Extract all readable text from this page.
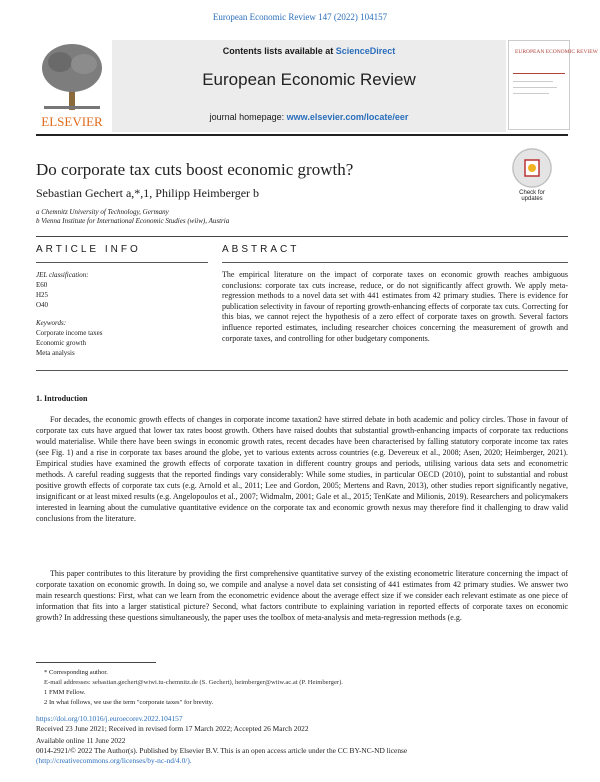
European Economic Review 147 (2022) 104157
ELSEVIER
Contents lists available at ScienceDirect
European Economic Review
journal homepage: www.elsevier.com/locate/eer
EUROPEAN ECONOMIC REVIEW
Do corporate tax cuts boost economic growth?
Check for updates
Sebastian Gechert a,*,1, Philipp Heimberger b
a Chemnitz University of Technology, Germany
b Vienna Institute for International Economic Studies (wiiw), Austria
ARTICLE INFO	ABSTRACT
JEL classification:
E60
H25
O40
Keywords:
Corporate income taxes
Economic growth
Meta analysis
The empirical literature on the impact of corporate taxes on economic growth reaches ambiguous conclusions: corporate tax cuts increase, reduce, or do not significantly affect growth. We apply meta-regression methods to a novel data set with 441 estimates from 42 primary studies. There is evidence for publication selectivity in favour of reporting growth-enhancing effects of corporate tax cuts. Correcting for this bias, we cannot reject the hypothesis of a zero effect of corporate taxes on growth. Several factors influence reported estimates, including researcher choices concerning the measurement of growth and corporate taxes, and controlling for other budgetary components.
1. Introduction
For decades, the economic growth effects of changes in corporate income taxation2 have stirred debate in both academic and policy circles. Those in favour of corporate tax cuts have argued that lower tax rates boost growth. Others have raised doubts that substantial growth-enhancing impacts of corporate tax reductions would materialise. While there have been swings in economic growth rates, recent decades have been characterised by falling statutory corporate income tax rates (see Fig. 1) and a rise in corporate tax bases around the globe, yet to various extents across countries (e.g. Devereux et al., 2008; Asen, 2020; Heimberger, 2021). Empirical studies have examined the growth effects of corporate taxation in different country groups and periods, utilising various data sets and econometric methods. A careful reading suggests that the reported findings vary considerably: While some studies, in particular OECD (2010), point to substantial and robust positive growth effects of corporate tax cuts (e.g. Arnold et al., 2011; Lee and Gordon, 2005; Mertens and Ravn, 2013), other studies report significantly negative, insignificant or at least mixed results (e.g. Angelopoulos et al., 2007; Widmalm, 2001; Gale et al., 2015; TenKate and Milionis, 2019). Researchers and policymakers interested in learning about the cumulative quantitative evidence on the corporate tax and economic growth nexus may therefore find it challenging to draw valid conclusions from the literature.
This paper contributes to this literature by providing the first comprehensive quantitative survey of the existing econometric literature concerning the impact of corporate taxation on economic growth. In doing so, we compile and analyse a novel data set consisting of 441 estimates from 42 primary studies. We answer two main research questions: First, what can we learn from the econometric evidence about the average effect size if we consider each relevant estimate as one piece of information that fits into a larger statistical picture? Second, what factors contribute to explaining variation in reported effects of corporate taxes on economic growth? In addressing these questions simultaneously, the paper uses the toolbox of meta-analysis and meta-regression methods (e.g.
* Corresponding author.
E-mail addresses: sebastian.gechert@wiwi.tu-chemnitz.de (S. Gechert), heimberger@wiiw.ac.at (P. Heimberger).
1 FMM Fellow.
2 In what follows, we use the term "corporate taxes" for brevity.
https://doi.org/10.1016/j.euroecorev.2022.104157
Received 23 June 2021; Received in revised form 17 March 2022; Accepted 26 March 2022
Available online 11 June 2022
0014-2921/© 2022 The Author(s). Published by Elsevier B.V. This is an open access article under the CC BY-NC-ND license
(http://creativecommons.org/licenses/by-nc-nd/4.0/).
